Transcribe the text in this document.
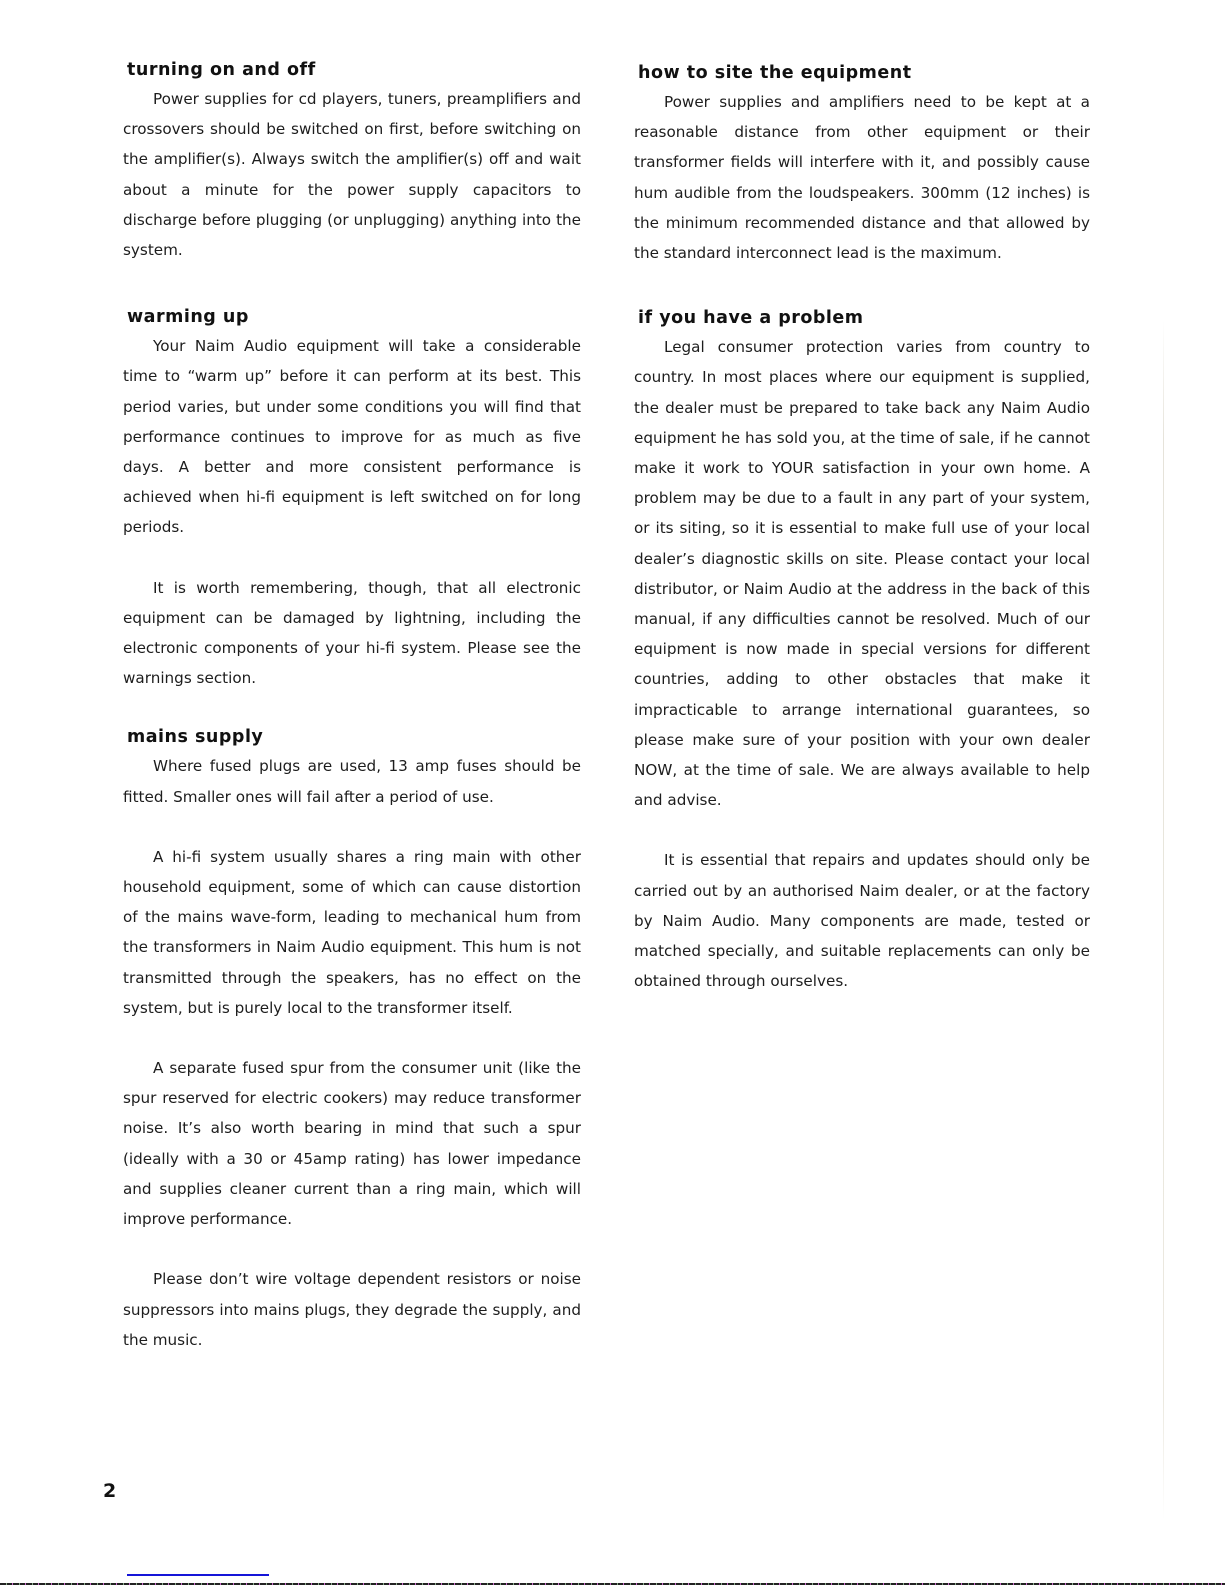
turning on and off

Power supplies for cd players, tuners, preamplifiers and crossovers should be switched on first, before switching on the amplifier(s). Always switch the amplifier(s) off and wait about a minute for the power supply capacitors to discharge before plugging (or unplugging) anything into the system.

warming up

Your Naim Audio equipment will take a considerable time to “warm up” before it can perform at its best. This period varies, but under some conditions you will find that performance continues to improve for as much as five days. A better and more consistent performance is achieved when hi-fi equipment is left switched on for long periods.

It is worth remembering, though, that all electronic equipment can be damaged by lightning, including the electronic components of your hi-fi system. Please see the warnings section.

mains supply

Where fused plugs are used, 13 amp fuses should be fitted. Smaller ones will fail after a period of use.

A hi-fi system usually shares a ring main with other household equipment, some of which can cause distortion of the mains wave-form, leading to mechanical hum from the transformers in Naim Audio equipment. This hum is not transmitted through the speakers, has no effect on the system, but is purely local to the transformer itself.

A separate fused spur from the consumer unit (like the spur reserved for electric cookers) may reduce transformer noise. It’s also worth bearing in mind that such a spur (ideally with a 30 or 45amp rating) has lower impedance and supplies cleaner current than a ring main, which will improve performance.

Please don’t wire voltage dependent resistors or noise suppressors into mains plugs, they degrade the supply, and the music.

how to site the equipment

Power supplies and amplifiers need to be kept at a reasonable distance from other equipment or their transformer fields will interfere with it, and possibly cause hum audible from the loudspeakers. 300mm (12 inches) is the minimum recommended distance and that allowed by the standard interconnect lead is the maximum.

if you have a problem

Legal consumer protection varies from country to country. In most places where our equipment is supplied, the dealer must be prepared to take back any Naim Audio equipment he has sold you, at the time of sale, if he cannot make it work to YOUR satisfaction in your own home. A problem may be due to a fault in any part of your system, or its siting, so it is essential to make full use of your local dealer’s diagnostic skills on site. Please contact your local distributor, or Naim Audio at the address in the back of this manual, if any difficulties cannot be resolved. Much of our equipment is now made in special versions for different countries, adding to other obstacles that make it impracticable to arrange international guarantees, so please make sure of your position with your own dealer NOW, at the time of sale. We are always available to help and advise.

It is essential that repairs and updates should only be carried out by an authorised Naim dealer, or at the factory by Naim Audio. Many components are made, tested or matched specially, and suitable replacements can only be obtained through ourselves.

2
